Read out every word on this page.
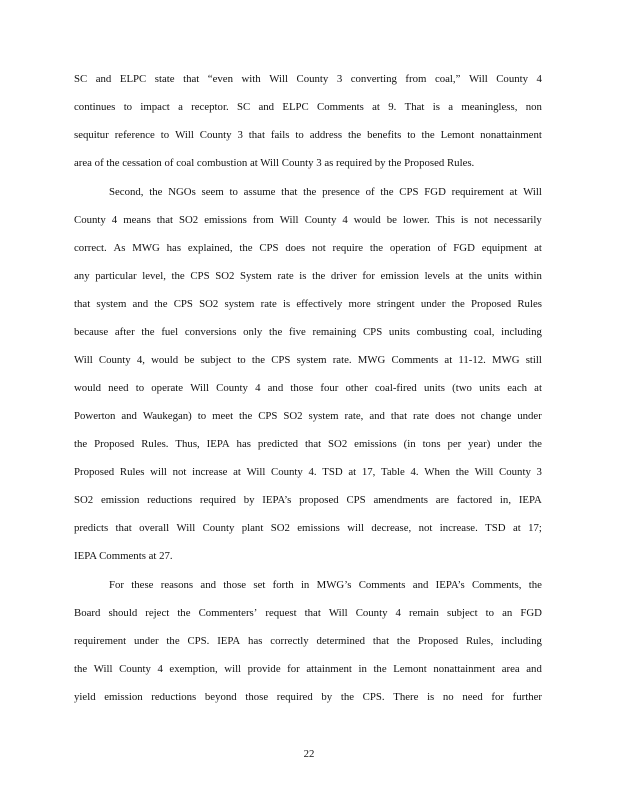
SC and ELPC state that “even with Will County 3 converting from coal,” Will County 4
continues to impact a receptor. SC and ELPC Comments at 9. That is a meaningless, non
sequitur reference to Will County 3 that fails to address the benefits to the Lemont nonattainment
area of the cessation of coal combustion at Will County 3 as required by the Proposed Rules.
Second, the NGOs seem to assume that the presence of the CPS FGD requirement at Will
County 4 means that SO2 emissions from Will County 4 would be lower. This is not necessarily
correct. As MWG has explained, the CPS does not require the operation of FGD equipment at
any particular level, the CPS SO2 System rate is the driver for emission levels at the units within
that system and the CPS SO2 system rate is effectively more stringent under the Proposed Rules
because after the fuel conversions only the five remaining CPS units combusting coal, including
Will County 4, would be subject to the CPS system rate. MWG Comments at 11-12. MWG still
would need to operate Will County 4 and those four other coal-fired units (two units each at
Powerton and Waukegan) to meet the CPS SO2 system rate, and that rate does not change under
the Proposed Rules. Thus, IEPA has predicted that SO2 emissions (in tons per year) under the
Proposed Rules will not increase at Will County 4. TSD at 17, Table 4. When the Will County 3
SO2 emission reductions required by IEPA’s proposed CPS amendments are factored in, IEPA
predicts that overall Will County plant SO2 emissions will decrease, not increase. TSD at 17;
IEPA Comments at 27.
For these reasons and those set forth in MWG’s Comments and IEPA’s Comments, the
Board should reject the Commenters’ request that Will County 4 remain subject to an FGD
requirement under the CPS. IEPA has correctly determined that the Proposed Rules, including
the Will County 4 exemption, will provide for attainment in the Lemont nonattainment area and
yield emission reductions beyond those required by the CPS. There is no need for further
22
